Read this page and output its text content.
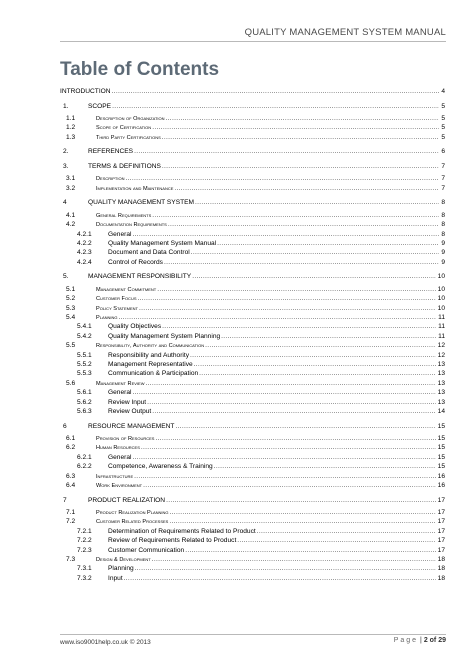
QUALITY MANAGEMENT SYSTEM MANUAL
Table of Contents
INTRODUCTION .....	4
1.	SCOPE .....	5
1.1	Description of Organization .....	5
1.2	Scope of Certification .....	5
1.3	Third Party Certifications .....	5
2.	REFERENCES .....	6
3.	TERMS & DEFINITIONS .....	7
3.1	Description .....	7
3.2	Implementation and Maintenance .....	7
4	QUALITY MANAGEMENT SYSTEM .....	8
4.1	General Requirements .....	8
4.2	Documentation Requirements .....	8
4.2.1 General .....	8
4.2.2 Quality Management System Manual .....	9
4.2.3 Document and Data Control .....	9
4.2.4 Control of Records .....	9
5.	MANAGEMENT RESPONSIBILITY .....	10
5.1	Management Commitment .....	10
5.2	Customer Focus .....	10
5.3	Policy Statement .....	10
5.4	Planning .....	11
5.4.1 Quality Objectives .....	11
5.4.2 Quality Management System Planning .....	11
5.5	Responsibility, Authority and Communication .....	12
5.5.1 Responsibility and Authority .....	12
5.5.2 Management Representative .....	13
5.5.3 Communication & Participation .....	13
5.6	Management Review .....	13
5.6.1 General .....	13
5.6.2 Review Input .....	13
5.6.3 Review Output .....	14
6	RESOURCE MANAGEMENT .....	15
6.1	Provision of Resources .....	15
6.2	Human Resources .....	15
6.2.1 General .....	15
6.2.2 Competence, Awareness & Training .....	15
6.3	Infrastructure .....	16
6.4	Work Environment .....	16
7	PRODUCT REALIZATION .....	17
7.1	Product Realization Planning .....	17
7.2	Customer Related Processes .....	17
7.2.1 Determination of Requirements Related to Product .....	17
7.2.2 Review of Requirements Related to Product .....	17
7.2.3 Customer Communication .....	17
7.3	Design & Development .....	18
7.3.1 Planning .....	18
7.3.2 Input .....	18
www.iso9001help.co.uk © 2013	Page | 2 of 29
